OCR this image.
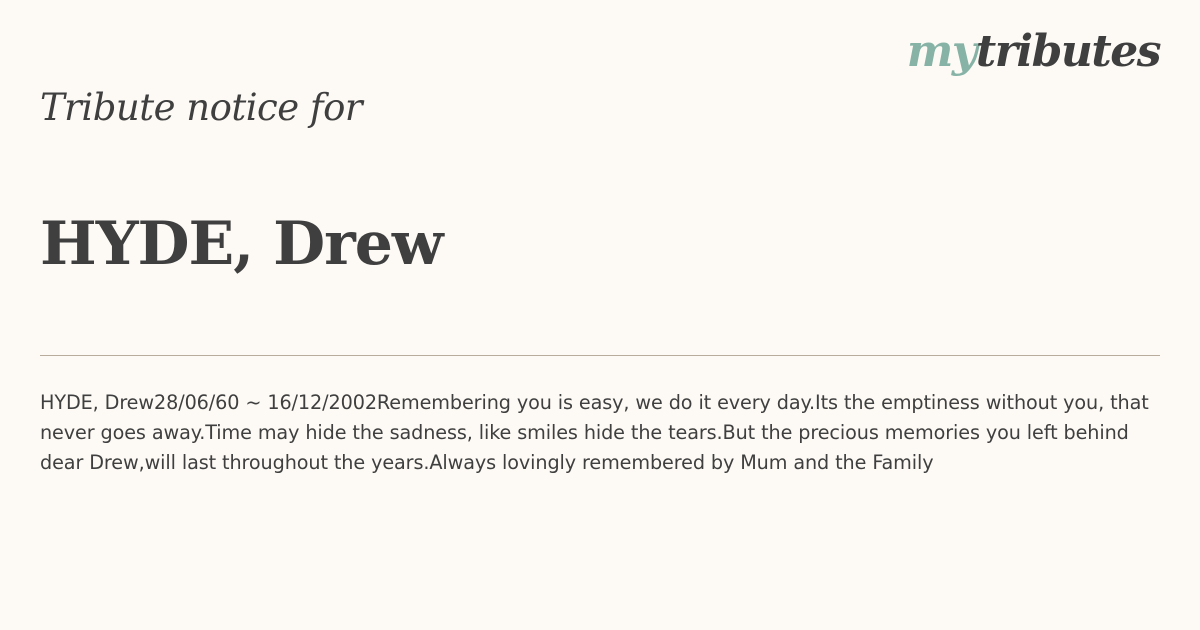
mytributes
Tribute notice for
HYDE, Drew
HYDE, Drew28/06/60 ~ 16/12/2002Remembering you is easy, we do it every day.Its the emptiness without you, that never goes away.Time may hide the sadness, like smiles hide the tears.But the precious memories you left behind dear Drew,will last throughout the years.Always lovingly remembered by Mum and the Family
